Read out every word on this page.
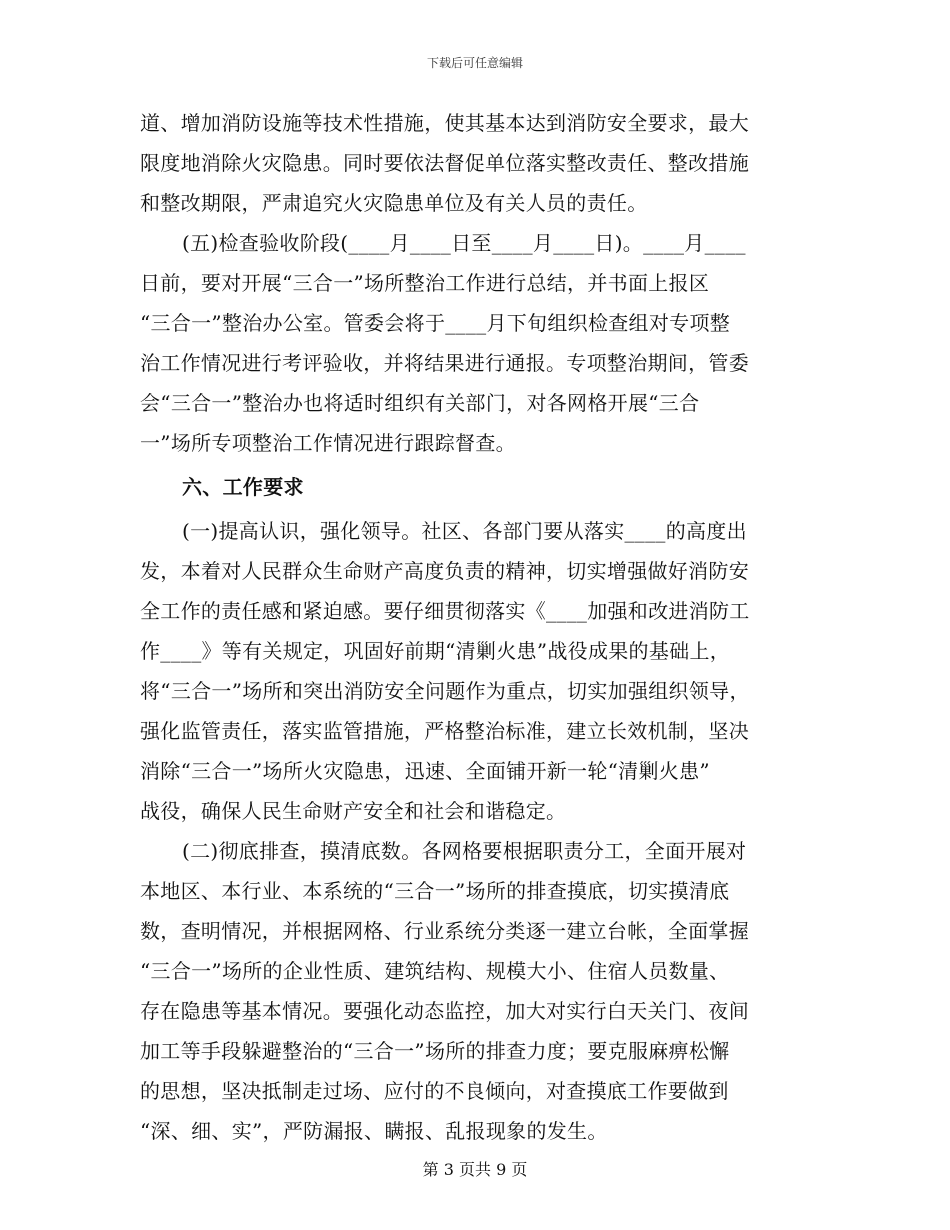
下载后可任意编辑
道、增加消防设施等技术性措施，使其基本达到消防安全要求，最大
限度地消除火灾隐患。同时要依法督促单位落实整改责任、整改措施
和整改期限，严肃追究火灾隐患单位及有关人员的责任。
(五)检查验收阶段(____月____日至____月____日)。____月____
日前，要对开展“三合一”场所整治工作进行总结，并书面上报区
“三合一”整治办公室。管委会将于____月下旬组织检查组对专项整
治工作情况进行考评验收，并将结果进行通报。专项整治期间，管委
会“三合一”整治办也将适时组织有关部门，对各网格开展“三合
一”场所专项整治工作情况进行跟踪督查。
六、工作要求
(一)提高认识，强化领导。社区、各部门要从落实____的高度出
发，本着对人民群众生命财产高度负责的精神，切实增强做好消防安
全工作的责任感和紧迫感。要仔细贯彻落实《____加强和改进消防工
作____》等有关规定，巩固好前期“清剿火患”战役成果的基础上，
将“三合一”场所和突出消防安全问题作为重点，切实加强组织领导，
强化监管责任，落实监管措施，严格整治标准，建立长效机制，坚决
消除“三合一”场所火灾隐患，迅速、全面铺开新一轮“清剿火患”
战役，确保人民生命财产安全和社会和谐稳定。
(二)彻底排查，摸清底数。各网格要根据职责分工，全面开展对
本地区、本行业、本系统的“三合一”场所的排查摸底，切实摸清底
数，查明情况，并根据网格、行业系统分类逐一建立台帐，全面掌握
“三合一”场所的企业性质、建筑结构、规模大小、住宿人员数量、
存在隐患等基本情况。要强化动态监控，加大对实行白天关门、夜间
加工等手段躲避整治的“三合一”场所的排查力度；要克服麻痹松懈
的思想，坚决抵制走过场、应付的不良倾向，对查摸底工作要做到
“深、细、实”，严防漏报、瞒报、乱报现象的发生。
第 3 页共 9 页
